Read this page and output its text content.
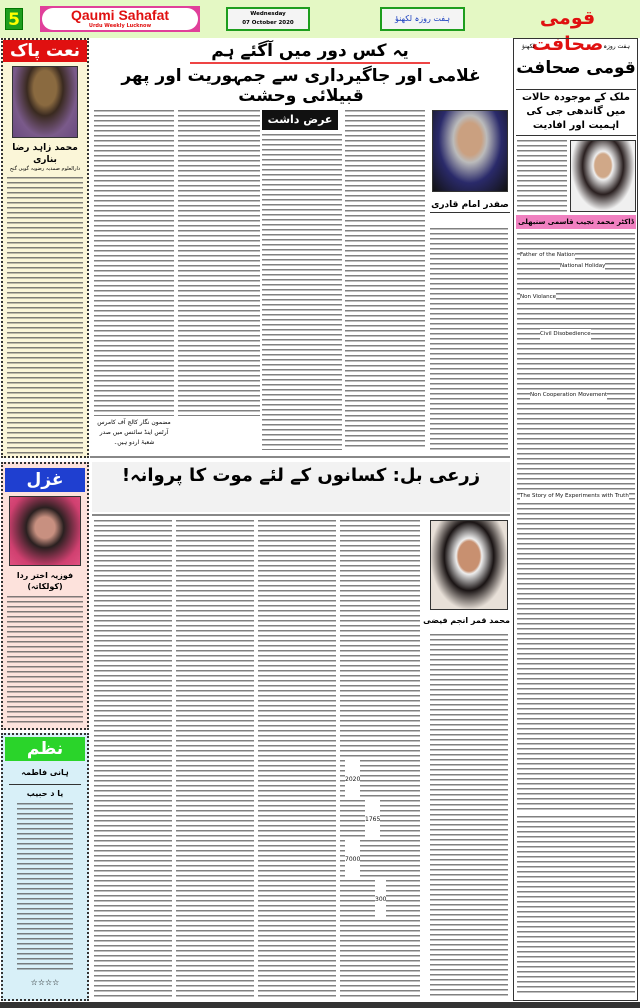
5	Qaumi Sahafat
Urdu Weekly Lucknow
Wednesday
07 October 2020	ہفت روزہ لکھنؤ	قومی صحافت
نعت پاک
محمد زاہد رضا بناری
دارالعلوم صمدیہ رضویہ گوپی گنج
غزل
فوزیہ اختر ردا (کولکاتہ)
نظم
ہانی فاطمہ
یا د حبیب
☆☆☆☆
یہ کس دور میں آگئے ہم
غلامی اور جاگیرداری سے جمہوریت اور پھر قبیلائی وحشت
عرض داشت
صفدر امام قادری
مضمون نگار کالج آف کامرس آرٹس اینڈ سائنس میں صدر شعبۂ اردو ہیں۔
ہفت روزہ
لکھنؤ
قومی صحافت
ملک کے موجودہ حالات میں گاندھی جی کی اہمیت اور افادیت
ڈاکٹر محمد نجیب قاسمی سنبھلی
Father of the Nation
National Holiday
Non Violance
Civil Disobedience
Non Cooperation Movement
The Story of My Experiments with Truth
زرعی بل: کسانوں کے لئے موت کا پروانہ!
محمد قمر انجم فیضی
2020
1765
7000
300
